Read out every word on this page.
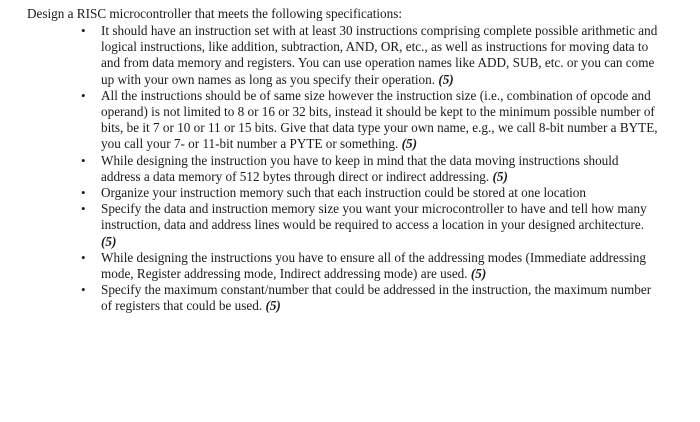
Design a RISC microcontroller that meets the following specifications:

• It should have an instruction set with at least 30 instructions comprising complete possible arithmetic and logical instructions, like addition, subtraction, AND, OR, etc., as well as instructions for moving data to and from data memory and registers. You can use operation names like ADD, SUB, etc. or you can come up with your own names as long as you specify their operation. (5)
• All the instructions should be of same size however the instruction size (i.e., combination of opcode and operand) is not limited to 8 or 16 or 32 bits, instead it should be kept to the minimum possible number of bits, be it 7 or 10 or 11 or 15 bits. Give that data type your own name, e.g., we call 8-bit number a BYTE, you call your 7- or 11-bit number a PYTE or something. (5)
• While designing the instruction you have to keep in mind that the data moving instructions should address a data memory of 512 bytes through direct or indirect addressing. (5)
• Organize your instruction memory such that each instruction could be stored at one location
• Specify the data and instruction memory size you want your microcontroller to have and tell how many instruction, data and address lines would be required to access a location in your designed architecture. (5)
• While designing the instructions you have to ensure all of the addressing modes (Immediate addressing mode, Register addressing mode, Indirect addressing mode) are used. (5)
• Specify the maximum constant/number that could be addressed in the instruction, the maximum number of registers that could be used. (5)
